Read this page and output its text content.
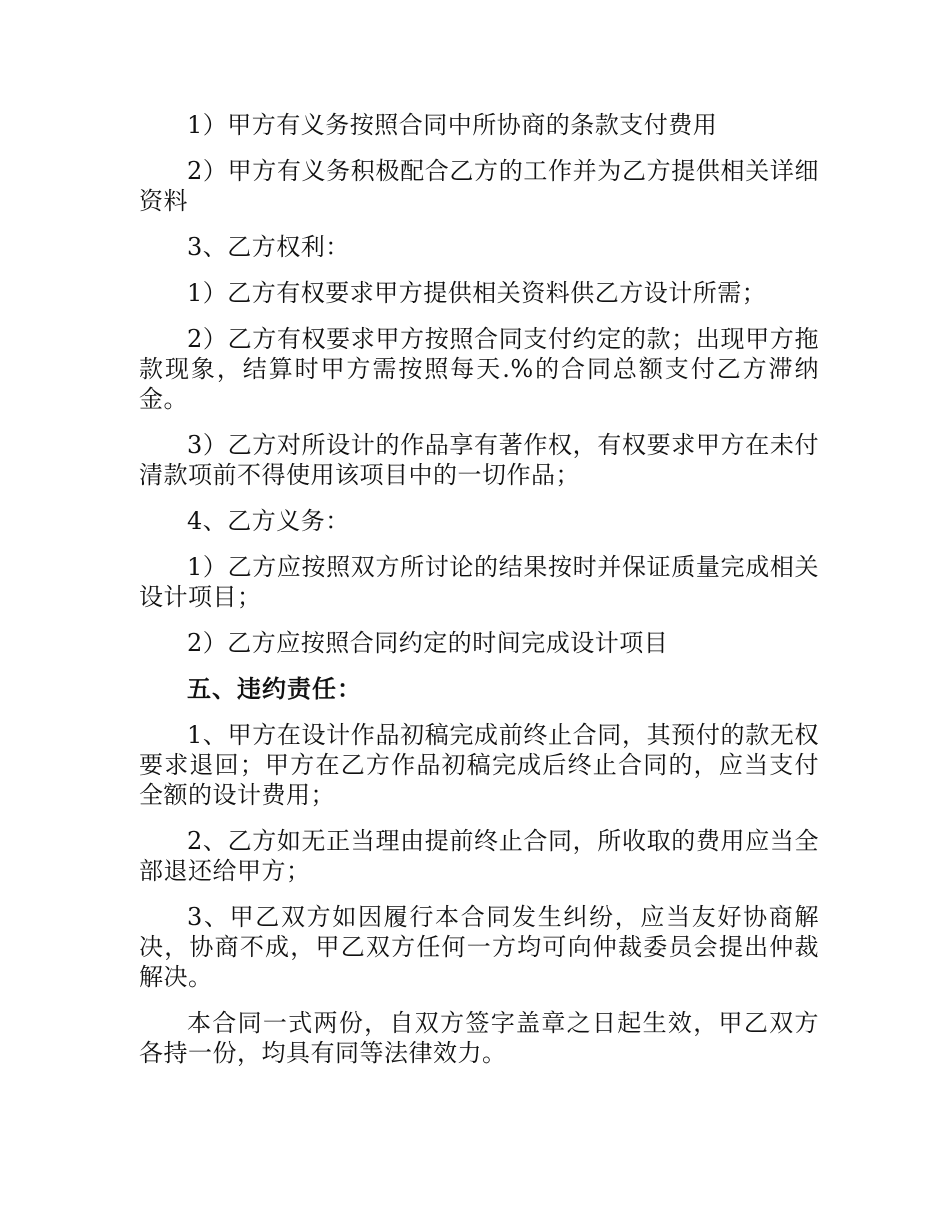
1）甲方有义务按照合同中所协商的条款支付费用

2）甲方有义务积极配合乙方的工作并为乙方提供相关详细资料

3、乙方权利：

1）乙方有权要求甲方提供相关资料供乙方设计所需；

2）乙方有权要求甲方按照合同支付约定的款；出现甲方拖款现象，结算时甲方需按照每天.%的合同总额支付乙方滞纳金。

3）乙方对所设计的作品享有著作权，有权要求甲方在未付清款项前不得使用该项目中的一切作品；

4、乙方义务：

1）乙方应按照双方所讨论的结果按时并保证质量完成相关设计项目；

2）乙方应按照合同约定的时间完成设计项目

五、违约责任：

1、甲方在设计作品初稿完成前终止合同，其预付的款无权要求退回；甲方在乙方作品初稿完成后终止合同的，应当支付全额的设计费用；

2、乙方如无正当理由提前终止合同，所收取的费用应当全部退还给甲方；

3、甲乙双方如因履行本合同发生纠纷，应当友好协商解决，协商不成，甲乙双方任何一方均可向仲裁委员会提出仲裁解决。

本合同一式两份，自双方签字盖章之日起生效，甲乙双方各持一份，均具有同等法律效力。
